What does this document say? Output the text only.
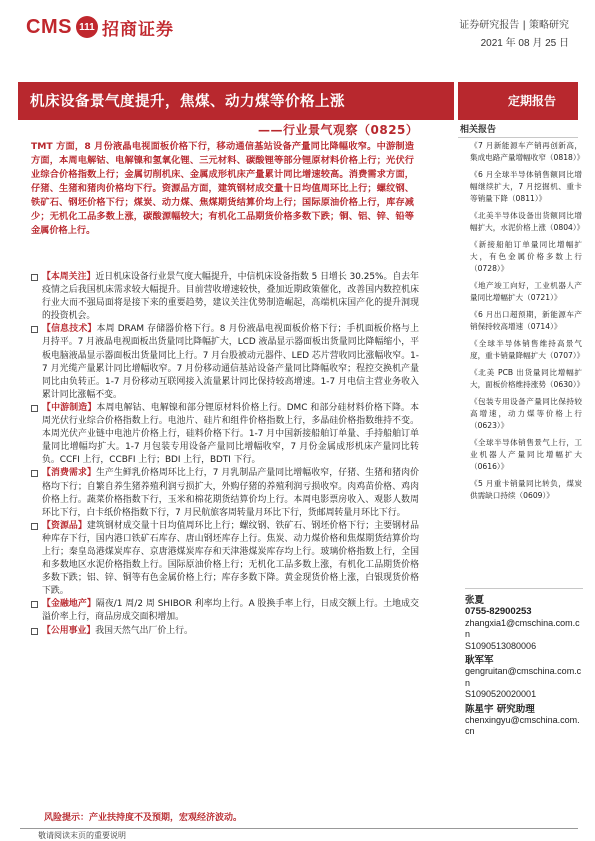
CMS 111 招商证券	证券研究报告 | 策略研究
2021 年 08 月 25 日
机床设备景气度提升，焦煤、动力煤等价格上涨	定期报告
——行业景气观察（0825）	相关报告
TMT 方面，8 月份液晶电视面板价格下行，移动通信基站设备产量同比降幅收窄。中游制造方面，本周电解钴、电解镍和氢氧化锂、三元材料、碳酸锂等部分锂原材料价格上行；光伏行业综合价格指数上行；金属切削机床、金属成形机床产量累计同比增速较高。消费需求方面，仔猪、生猪和猪肉价格均下行。资源品方面，建筑钢材成交量十日均值周环比上行；螺纹钢、铁矿石、钢坯价格下行；煤炭、动力煤、焦煤期货结算价均上行；国际原油价格上行，库存减少；无机化工品多数上涨，碳酸源幅较大；有机化工品期货价格多数下跌；铜、铝、锌、铅等金属价格上行。
【本周关注】近日机床设备行业景气度大幅提升，中信机床设备指数 5 日增长 30.25%。自去年疫情之后我国机床需求较大幅提升。目前营收增速较快，叠加近期政策催化，改善国内数控机床行业大而不强局面将是接下来的重要趋势，建议关注优势制造崛起，高端机床国产化的提升洞现的投资机会。
【信息技术】本周 DRAM 存储器价格下行。8 月份液晶电视面板价格下行；手机面板价格与上月持平。7 月液晶电视面板出货量同比降幅扩大，LCD 液晶显示器面板出货量同比降幅缩小，平板电脑液晶显示器面板出货量同比上行。7 月台股被动元器件、LED 芯片营收同比涨幅收窄。1-7 月光缆产量累计同比增幅收窄。7 月份移动通信基站设备产量同比降幅收窄；程控交换机产量同比由负转正。1-7 月份移动互联网接入流量累计同比保持较高增速。1-7 月电信主营业务收入累计同比涨幅不变。
【中游制造】本周电解钴、电解镍和部分锂原材料价格上行。DMC 和部分硅材料价格下降。本周光伏行业综合价格指数上行。电池片、硅片和组件价格指数上行，多晶硅价格指数维持不变。本周光伏产业链中电池片价格上行，硅料价格下行。1-7 月中国新接船舶订单量、手持船舶订单量同比增幅均扩大。1-7 月包装专用设备产量同比增幅收窄，7 月份金属成形机床产量同比转负。CCFI 上行，CCBFI 上行；BDI 上行，BDTI 下行。
【消费需求】生产生鲜乳价格周环比上行，7 月乳制品产量同比增幅收窄，仔猪、生猪和猪肉价格均下行；自繁自养生猪养殖利润亏损扩大，外购仔猪的养殖利润亏损收窄。肉鸡苗价格、鸡肉价格上行。蔬菜价格指数下行，玉米和棉花期货结算价均上行。本周电影票房收入、观影人数周环比下行，白卡纸价格指数下行，7 月民航旅客周转量月环比下行，货邮周转量月环比下行。
【资源品】建筑钢材成交量十日均值周环比上行；螺纹钢、铁矿石、钢坯价格下行；主要钢材品种库存下行，国内港口铁矿石库存、唐山钢坯库存上行。焦炭、动力煤价格和焦煤期货结算价均上行；秦皇岛港煤炭库存、京唐港煤炭库存和天津港煤炭库存均上行。玻璃价格指数上行，全国和多数地区水泥价格指数上行。国际原油价格上行；无机化工品多数上涨，有机化工品期货价格多数下跌；铝、锌、铜等有色金属价格上行；库存多数下降。黄金现货价格上涨，白银现货价格下跌。
【金融地产】隔夜/1 周/2 周 SHIBOR 利率均上行。A 股换手率上行，日成交额上行。土地成交溢价率上行，商品房成交面积增加。
【公用事业】我国天然气出厂价上行。
风险提示：产业扶持度不及预期，宏观经济波动。
《7 月新能源车产销再创新高，集成电路产量增幅收窄（0818）》
《6 月全球半导体销售额同比增幅继续扩大，7 月挖掘机、重卡等销量下降（0811）》
《北美半导体设备出货额同比增幅扩大，水泥价格上涨（0804）》
《新接船舶订单量同比增幅扩大，有色金属价格多数上行（0728）》
《地产竣工向好，工业机器人产量同比增幅扩大（0721）》
《6 月出口超预期，新能源车产销保持较高增速（0714）》
《全球半导体销售维持高景气度，重卡销量降幅扩大（0707）》
《北美 PCB 出货量同比增幅扩大，面板价格维持涨势（0630）》
《包装专用设备产量同比保持较高增速，动力煤等价格上行（0623）》
《全球半导体销售景气上行，工业机器人产量同比增幅扩大（0616）》
《5 月重卡销量同比转负，煤炭供需缺口持续（0609）》
张夏
0755-82900253
zhangxia1@cmschina.com.cn
S1090513080006
耿军军
gengruitan@cmschina.com.cn
S1090520020001
陈星宇 研究助理
chenxingyu@cmschina.com.cn
敬请阅读末页的重要说明
